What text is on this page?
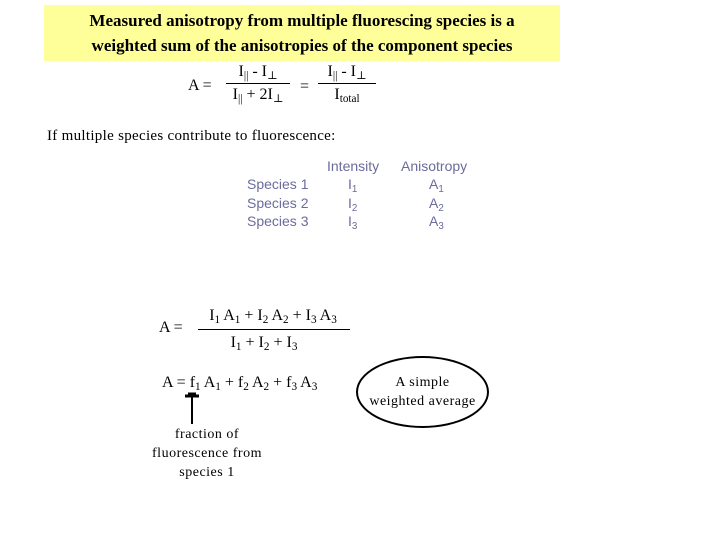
Measured anisotropy from multiple fluorescing species is a
weighted sum of the anisotropies of the component species
A =
$I_{||} - I_\perp$
$I_{||} + 2I_\perp$
=
$I_{||} - I_\perp$
$I_{total}$
If multiple species contribute to fluorescence:
Intensity Anisotropy
Species 1
Species 2
Species 3
$I_1$
$I_2$
$I_3$
$A_1$
$A_2$
$A_3$
A =
$I_1$ $A_1 + I_2$ $A_2 + I_3$ $A_3$
$I_1 + I_2 + I_3$
$A = f_1$ $A_1 + f_2$ $A_2 + f_3$ $A_3$
fraction of
fluorescence from
species 1
A simple
weighted average
